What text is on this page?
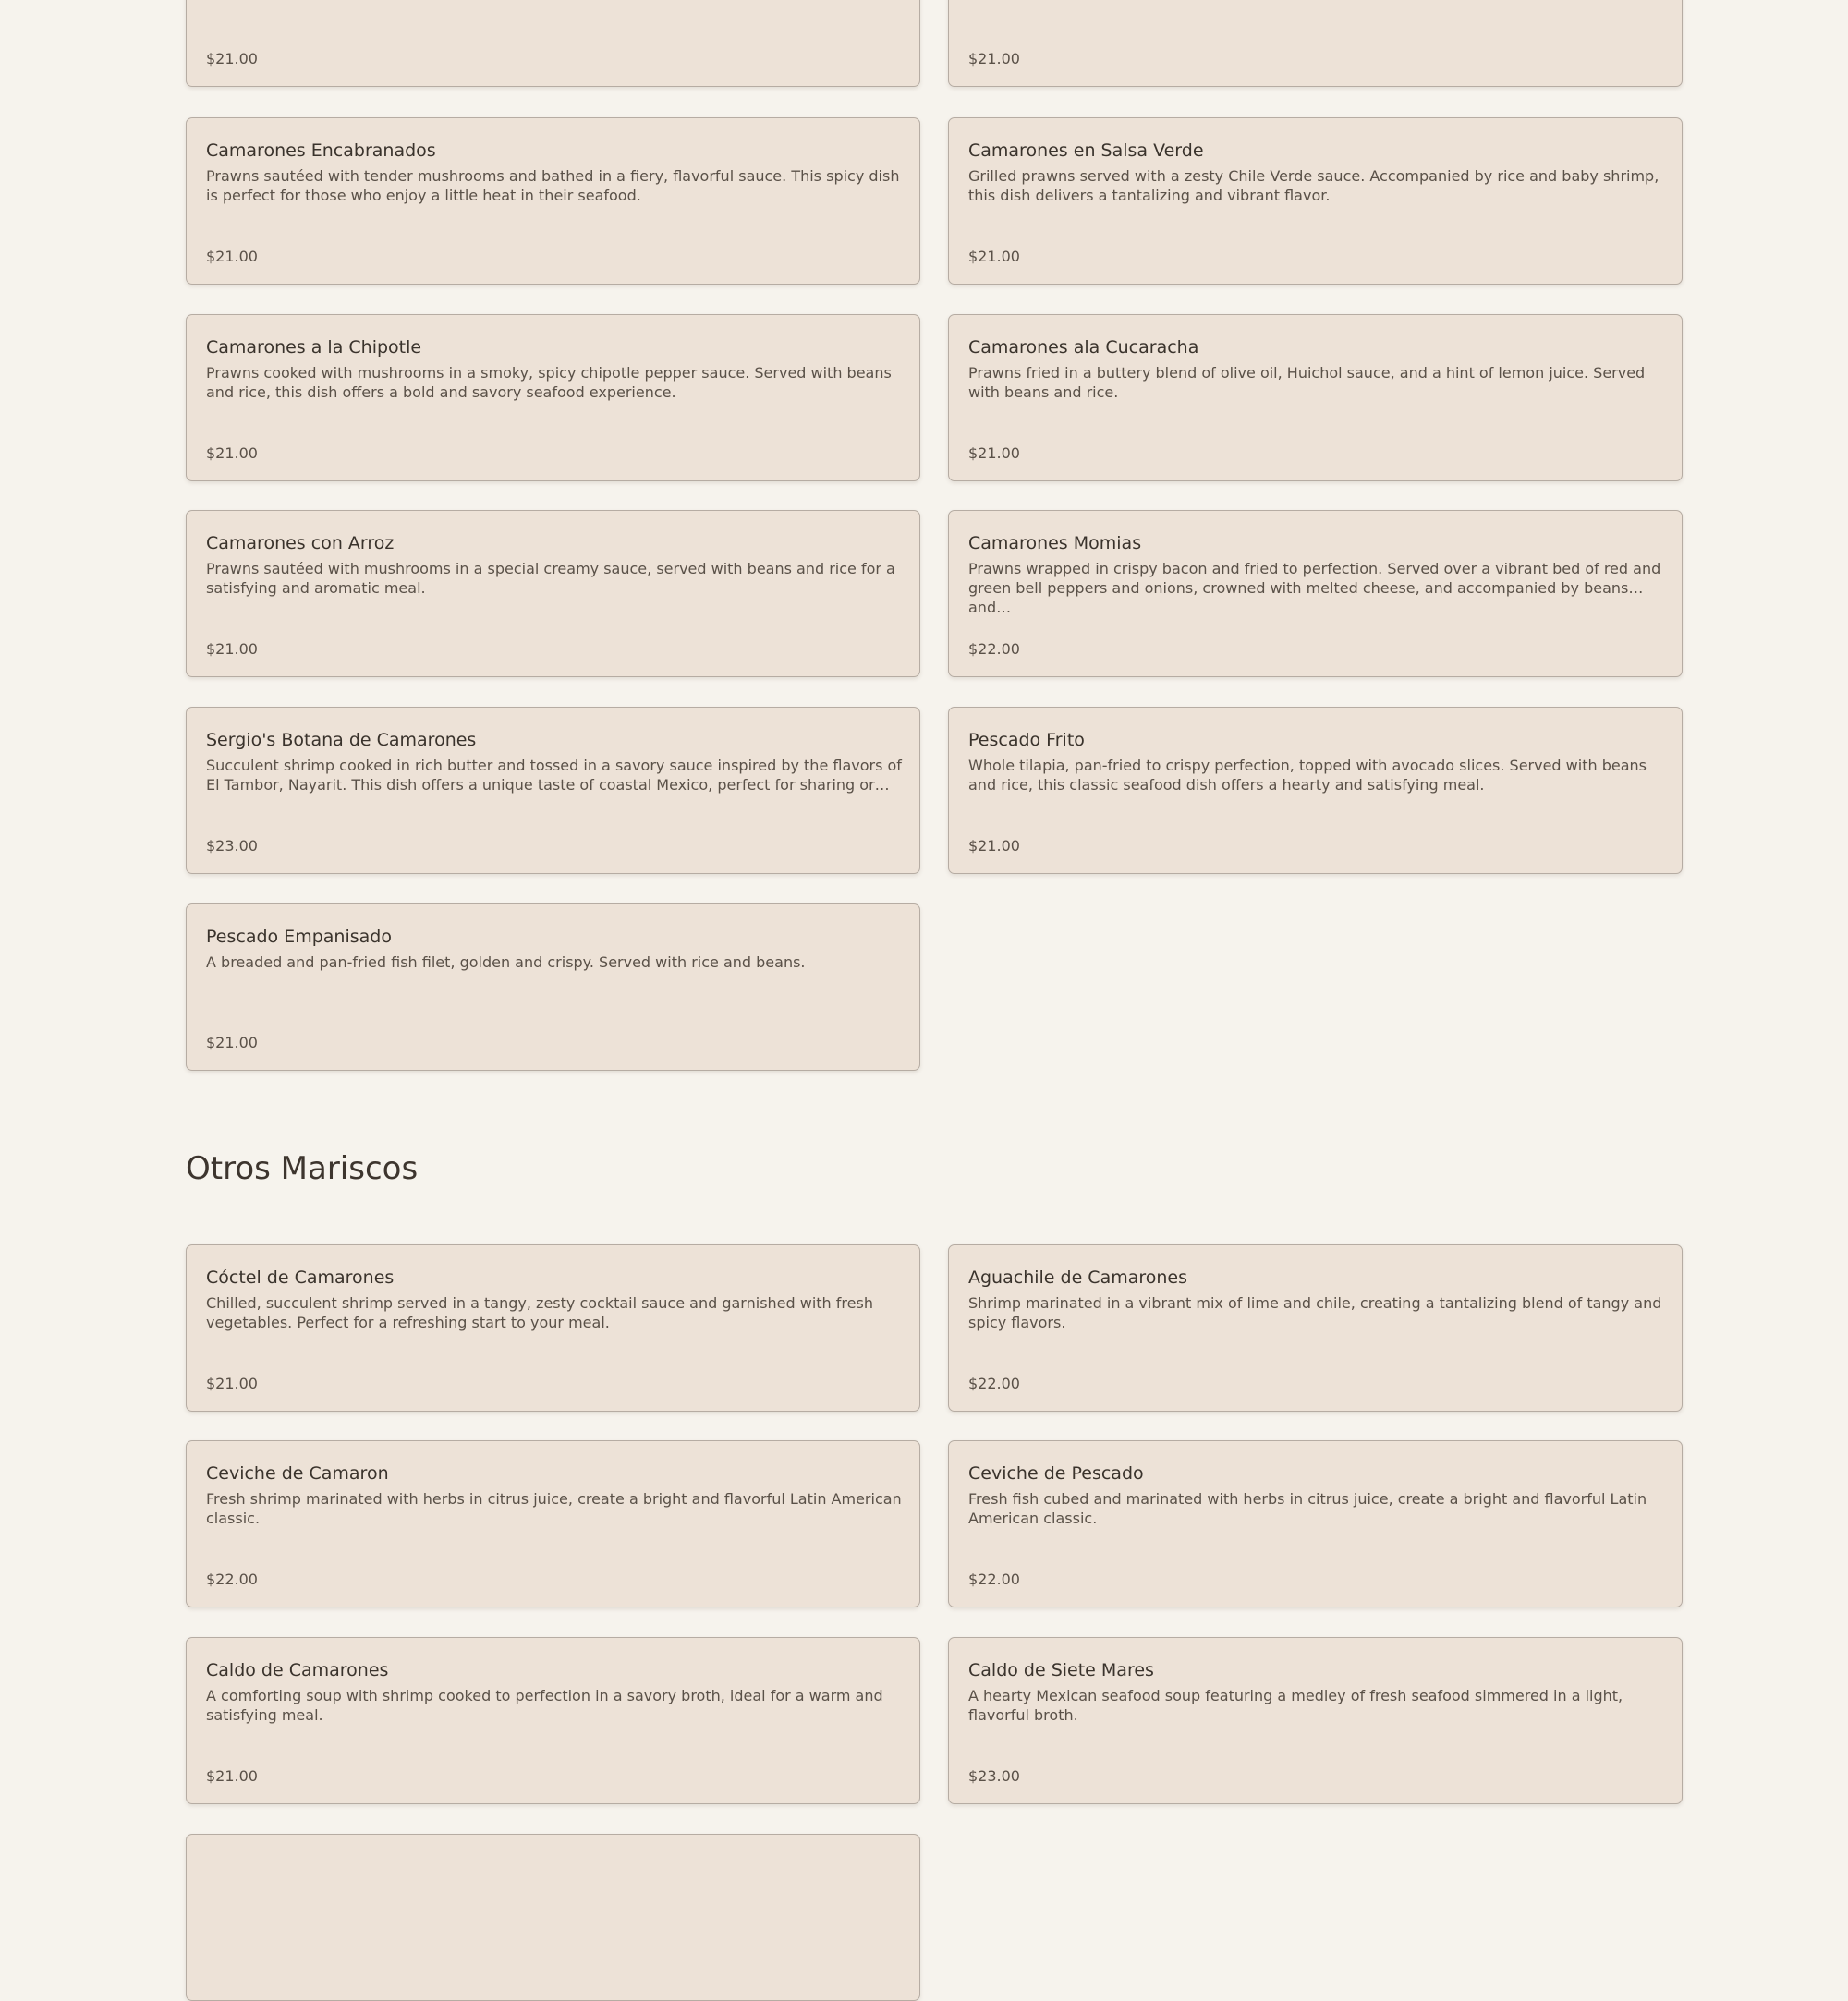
$21.00	$21.00

Camarones Encabranados

Prawns sautéed with tender mushrooms and bathed in a fiery, flavorful sauce. This spicy dish is perfect for those who enjoy a little heat in their seafood.

$21.00

Camarones en Salsa Verde

Grilled prawns served with a zesty Chile Verde sauce. Accompanied by rice and baby shrimp, this dish delivers a tantalizing and vibrant flavor.

$21.00

Camarones a la Chipotle

Prawns cooked with mushrooms in a smoky, spicy chipotle pepper sauce. Served with beans and rice, this dish offers a bold and savory seafood experience.

$21.00

Camarones ala Cucaracha

Prawns fried in a buttery blend of olive oil, Huichol sauce, and a hint of lemon juice. Served with beans and rice.

$21.00

Camarones con Arroz

Prawns sautéed with mushrooms in a special creamy sauce, served with beans and rice for a satisfying and aromatic meal.

$21.00

Camarones Momias

Prawns wrapped in crispy bacon and fried to perfection. Served over a vibrant bed of red and green bell peppers and onions, crowned with melted cheese, and accompanied by beans and…

$22.00

Sergio's Botana de Camarones

Succulent shrimp cooked in rich butter and tossed in a savory sauce inspired by the flavors of El Tambor, Nayarit. This dish offers a unique taste of coastal Mexico, perfect for sharing or…

$23.00

Pescado Frito

Whole tilapia, pan-fried to crispy perfection, topped with avocado slices. Served with beans and rice, this classic seafood dish offers a hearty and satisfying meal.

$21.00

Pescado Empanisado

A breaded and pan-fried fish filet, golden and crispy. Served with rice and beans.

$21.00

Otros Mariscos
Cóctel de Camarones

Chilled, succulent shrimp served in a tangy, zesty cocktail sauce and garnished with fresh vegetables. Perfect for a refreshing start to your meal.

$21.00

Aguachile de Camarones

Shrimp marinated in a vibrant mix of lime and chile, creating a tantalizing blend of tangy and spicy flavors.

$22.00

Ceviche de Camaron

Fresh shrimp marinated with herbs in citrus juice, create a bright and flavorful Latin American classic.

$22.00

Ceviche de Pescado

Fresh fish cubed and marinated with herbs in citrus juice, create a bright and flavorful Latin American classic.

$22.00

Caldo de Camarones

A comforting soup with shrimp cooked to perfection in a savory broth, ideal for a warm and satisfying meal.

$21.00

Caldo de Siete Mares

A hearty Mexican seafood soup featuring a medley of fresh seafood simmered in a light, flavorful broth.

$23.00
